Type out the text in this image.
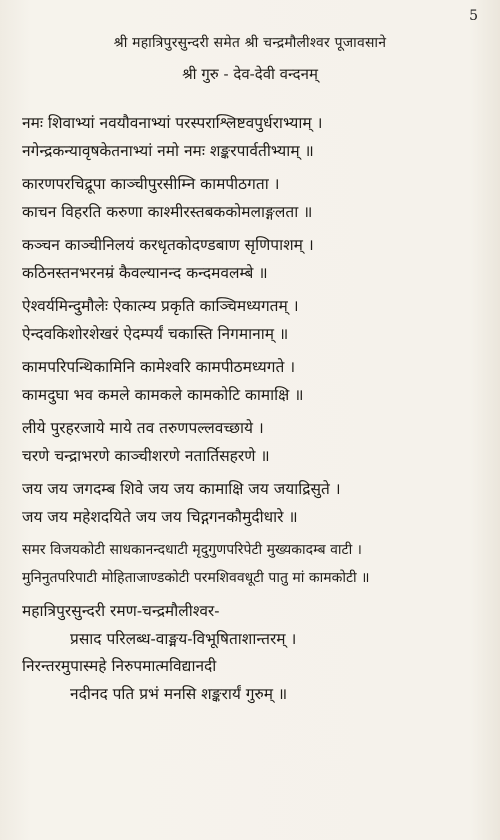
5
श्री महात्रिपुरसुन्दरी समेत श्री चन्द्रमौलीश्वर पूजावसाने
श्री गुरु - देव-देवी वन्दनम्
नमः शिवाभ्यां नवयौवनाभ्यां परस्पराश्लिष्टवपुर्धराभ्याम् ।
नगेन्द्रकन्यावृषकेतनाभ्यां नमो नमः शङ्करपार्वतीभ्याम् ॥
कारणपरचिद्रूपा काञ्चीपुरसीम्नि कामपीठगता ।
काचन विहरति करुणा काश्मीरस्तबककोमलाङ्गलता ॥
कञ्चन काञ्चीनिलयं करधृतकोदण्डबाण सृणिपाशम् ।
कठिनस्तनभरनम्रं कैवल्यानन्द कन्दमवलम्बे ॥
ऐश्वर्यमिन्दुमौलेः ऐकात्म्य प्रकृति काञ्चिमध्यगतम् ।
ऐन्दवकिशोरशेखरं ऐदम्पर्यं चकास्ति निगमानाम् ॥
कामपरिपन्थिकामिनि कामेश्वरि कामपीठमध्यगते ।
कामदुघा भव कमले कामकले कामकोटि कामाक्षि ॥
लीये पुरहरजाये माये तव तरुणपल्लवच्छाये ।
चरणे चन्द्राभरणे काञ्चीशरणे नतार्तिसहरणे ॥
जय जय जगदम्ब शिवे जय जय कामाक्षि जय जयाद्रिसुते ।
जय जय महेशदयिते जय जय चिद्गगनकौमुदीधारे ॥
समर विजयकोटी साधकानन्दधाटी मृदुगुणपरिपेटी मुख्यकादम्ब वाटी ।
मुनिनुतपरिपाटी मोहिताजाण्डकोटी परमशिववधूटी पातु मां कामकोटी ॥
महात्रिपुरसुन्दरी रमण-चन्द्रमौलीश्वर-
प्रसाद परिलब्ध-वाङ्मय-विभूषिताशान्तरम् ।
निरन्तरमुपास्महे निरुपमात्मविद्यानदी
नदीनद पति प्रभं मनसि शङ्करार्यं गुरुम् ॥
